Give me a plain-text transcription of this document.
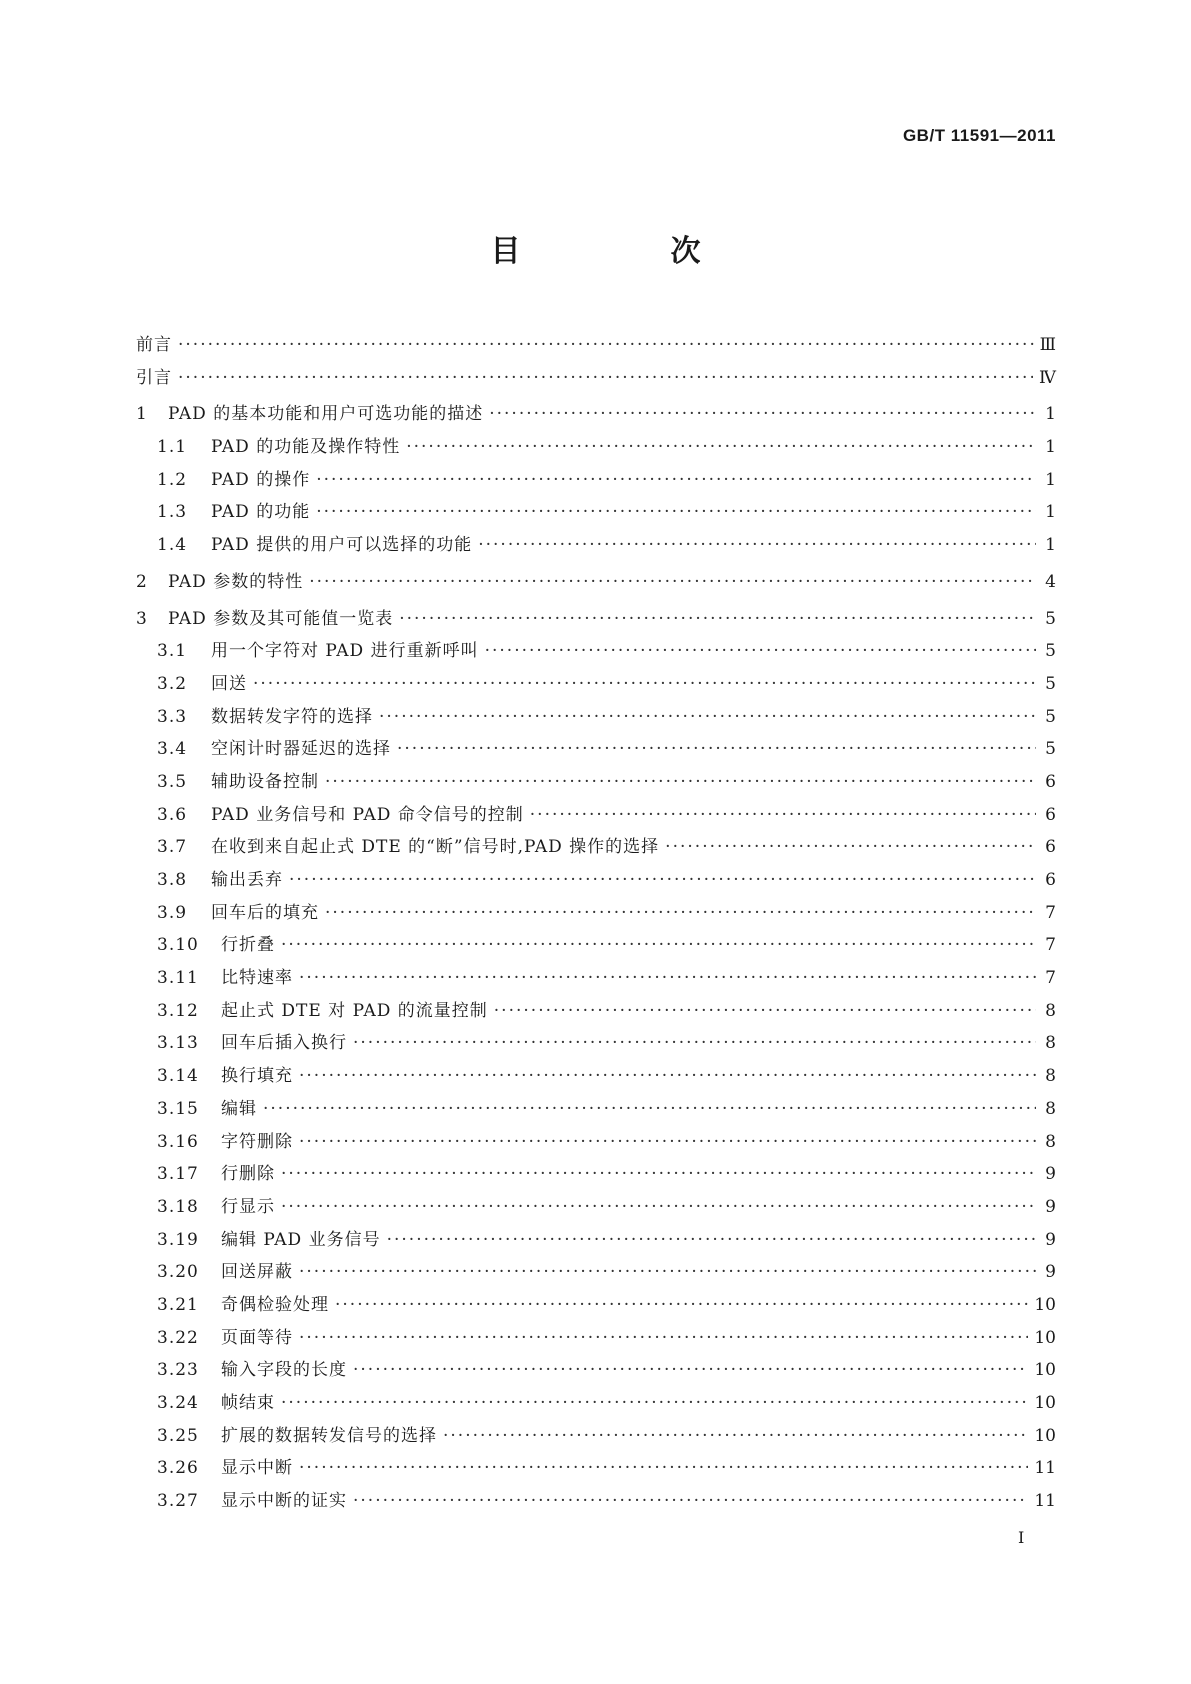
GB/T 11591—2011
目　次
前言 ·····	Ⅲ
引言 ·····	Ⅳ
1	PAD 的基本功能和用户可选功能的描述 ·····	1
1.1	PAD 的功能及操作特性 ·····	1
1.2	PAD 的操作 ·····	1
1.3	PAD 的功能 ·····	1
1.4	PAD 提供的用户可以选择的功能 ·····	1
2	PAD 参数的特性 ·····	4
3	PAD 参数及其可能值一览表 ·····	5
3.1	用一个字符对 PAD 进行重新呼叫 ·····	5
3.2	回送 ·····	5
3.3	数据转发字符的选择 ·····	5
3.4	空闲计时器延迟的选择 ·····	5
3.5	辅助设备控制 ·····	6
3.6	PAD 业务信号和 PAD 命令信号的控制 ·····	6
3.7	在收到来自起止式 DTE 的“断”信号时,PAD 操作的选择 ·····	6
3.8	输出丢弃 ·····	6
3.9	回车后的填充 ·····	7
3.10	行折叠 ·····	7
3.11	比特速率 ·····	7
3.12	起止式 DTE 对 PAD 的流量控制 ·····	8
3.13	回车后插入换行 ·····	8
3.14	换行填充 ·····	8
3.15	编辑 ·····	8
3.16	字符删除 ·····	8
3.17	行删除 ·····	9
3.18	行显示 ·····	9
3.19	编辑 PAD 业务信号 ·····	9
3.20	回送屏蔽 ·····	9
3.21	奇偶检验处理 ·····	10
3.22	页面等待 ·····	10
3.23	输入字段的长度 ·····	10
3.24	帧结束 ·····	10
3.25	扩展的数据转发信号的选择 ·····	10
3.26	显示中断 ·····	11
3.27	显示中断的证实 ·····	11
I
